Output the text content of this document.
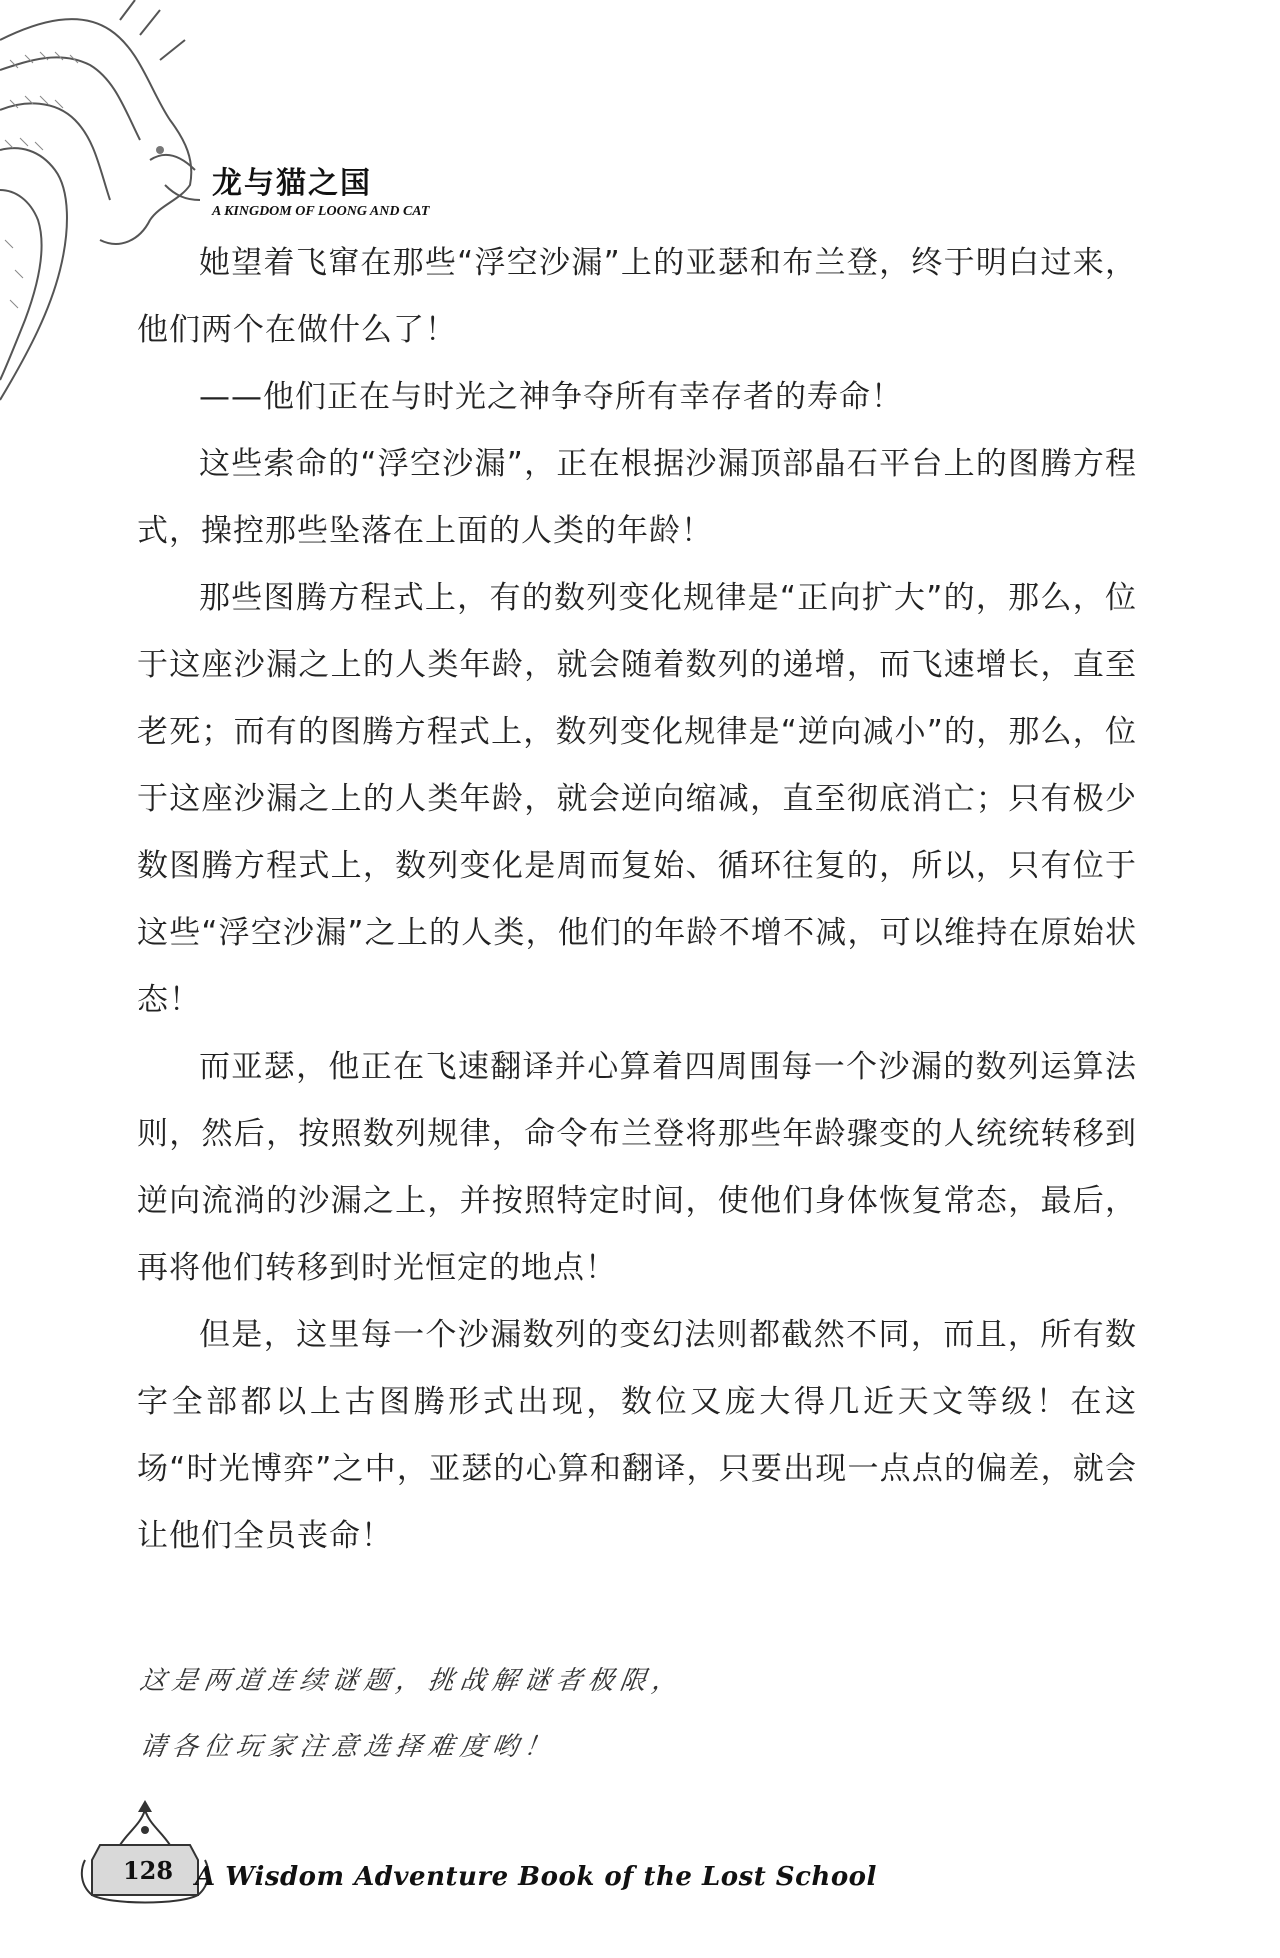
龙与猫之国
A KINGDOM OF LOONG AND CAT

她望着飞窜在那些“浮空沙漏”上的亚瑟和布兰登，终于明白过来，他们两个在做什么了！

——他们正在与时光之神争夺所有幸存者的寿命！

这些索命的“浮空沙漏”，正在根据沙漏顶部晶石平台上的图腾方程式，操控那些坠落在上面的人类的年龄！

那些图腾方程式上，有的数列变化规律是“正向扩大”的，那么，位于这座沙漏之上的人类年龄，就会随着数列的递增，而飞速增长，直至老死；而有的图腾方程式上，数列变化规律是“逆向减小”的，那么，位于这座沙漏之上的人类年龄，就会逆向缩减，直至彻底消亡；只有极少数图腾方程式上，数列变化是周而复始、循环往复的，所以，只有位于这些“浮空沙漏”之上的人类，他们的年龄不增不减，可以维持在原始状态！

而亚瑟，他正在飞速翻译并心算着四周围每一个沙漏的数列运算法则，然后，按照数列规律，命令布兰登将那些年龄骤变的人统统转移到逆向流淌的沙漏之上，并按照特定时间，使他们身体恢复常态，最后，再将他们转移到时光恒定的地点！

但是，这里每一个沙漏数列的变幻法则都截然不同，而且，所有数字全部都以上古图腾形式出现，数位又庞大得几近天文等级！在这场“时光博弈”之中，亚瑟的心算和翻译，只要出现一点点的偏差，就会让他们全员丧命！

这是两道连续谜题，挑战解谜者极限，
请各位玩家注意选择难度哟！
128 A Wisdom Adventure Book of the Lost School
